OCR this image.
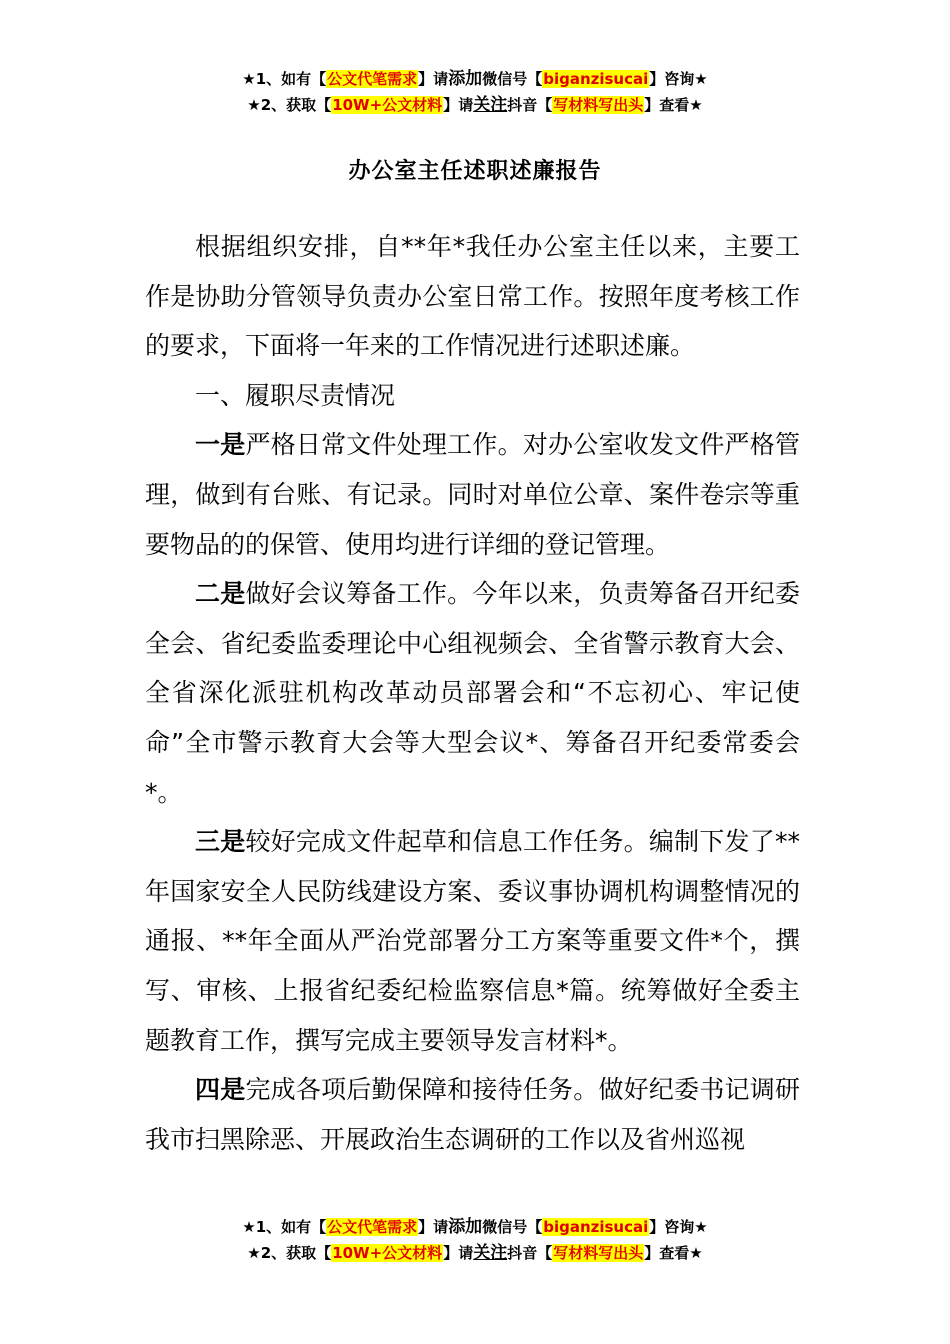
★1、如有【公文代笔需求】请添加微信号【biganzisucai】咨询★
★2、获取【10W+公文材料】请关注抖音【写材料写出头】查看★
办公室主任述职述廉报告

根据组织安排，自**年*我任办公室主任以来，主要工作是协助分管领导负责办公室日常工作。按照年度考核工作的要求，下面将一年来的工作情况进行述职述廉。

一、履职尽责情况

一是严格日常文件处理工作。对办公室收发文件严格管理，做到有台账、有记录。同时对单位公章、案件卷宗等重要物品的的保管、使用均进行详细的登记管理。

二是做好会议筹备工作。今年以来，负责筹备召开纪委全会、省纪委监委理论中心组视频会、全省警示教育大会、全省深化派驻机构改革动员部署会和“不忘初心、牢记使命”全市警示教育大会等大型会议*、筹备召开纪委常委会*。

三是较好完成文件起草和信息工作任务。编制下发了**年国家安全人民防线建设方案、委议事协调机构调整情况的通报、**年全面从严治党部署分工方案等重要文件*个，撰写、审核、上报省纪委纪检监察信息*篇。统筹做好全委主题教育工作，撰写完成主要领导发言材料*。

四是完成各项后勤保障和接待任务。做好纪委书记调研我市扫黑除恶、开展政治生态调研的工作以及省州巡视

★1、如有【公文代笔需求】请添加微信号【biganzisucai】咨询★
★2、获取【10W+公文材料】请关注抖音【写材料写出头】查看★
